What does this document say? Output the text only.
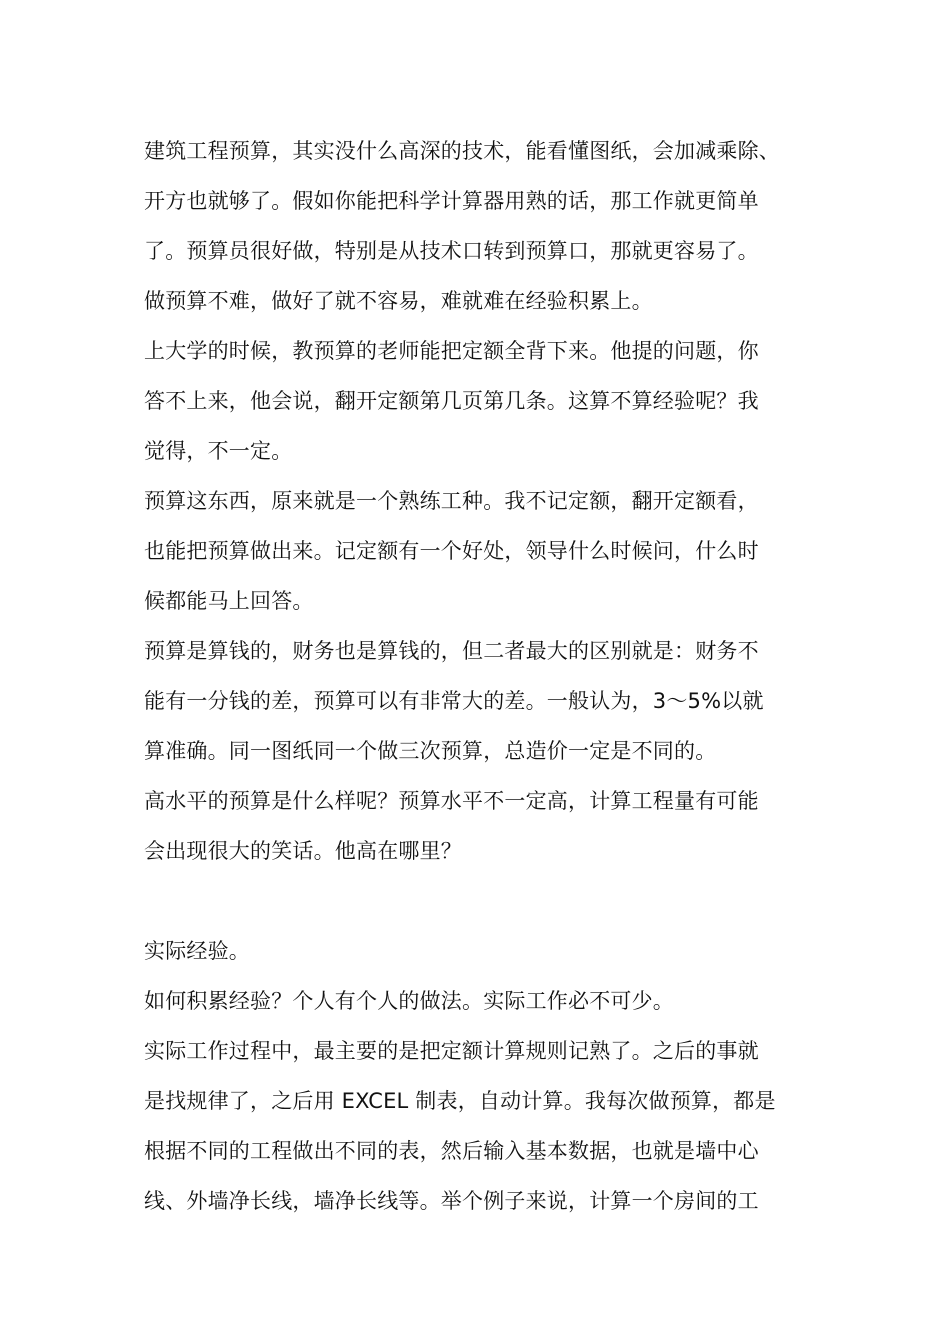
建筑工程预算，其实没什么高深的技术，能看懂图纸，会加减乘除、

开方也就够了。假如你能把科学计算器用熟的话，那工作就更简单

了。预算员很好做，特别是从技术口转到预算口，那就更容易了。

做预算不难，做好了就不容易，难就难在经验积累上。

上大学的时候，教预算的老师能把定额全背下来。他提的问题，你

答不上来，他会说，翻开定额第几页第几条。这算不算经验呢？我

觉得，不一定。

预算这东西，原来就是一个熟练工种。我不记定额，翻开定额看，

也能把预算做出来。记定额有一个好处，领导什么时候问，什么时

候都能马上回答。

预算是算钱的，财务也是算钱的，但二者最大的区别就是：财务不

能有一分钱的差，预算可以有非常大的差。一般认为，3～5%以就

算准确。同一图纸同一个做三次预算，总造价一定是不同的。

高水平的预算是什么样呢？预算水平不一定高，计算工程量有可能

会出现很大的笑话。他高在哪里？

实际经验。

如何积累经验？个人有个人的做法。实际工作必不可少。

实际工作过程中，最主要的是把定额计算规则记熟了。之后的事就

是找规律了，之后用 EXCEL 制表，自动计算。我每次做预算，都是

根据不同的工程做出不同的表，然后输入基本数据，也就是墙中心

线、外墙净长线，墙净长线等。举个例子来说，计算一个房间的工
